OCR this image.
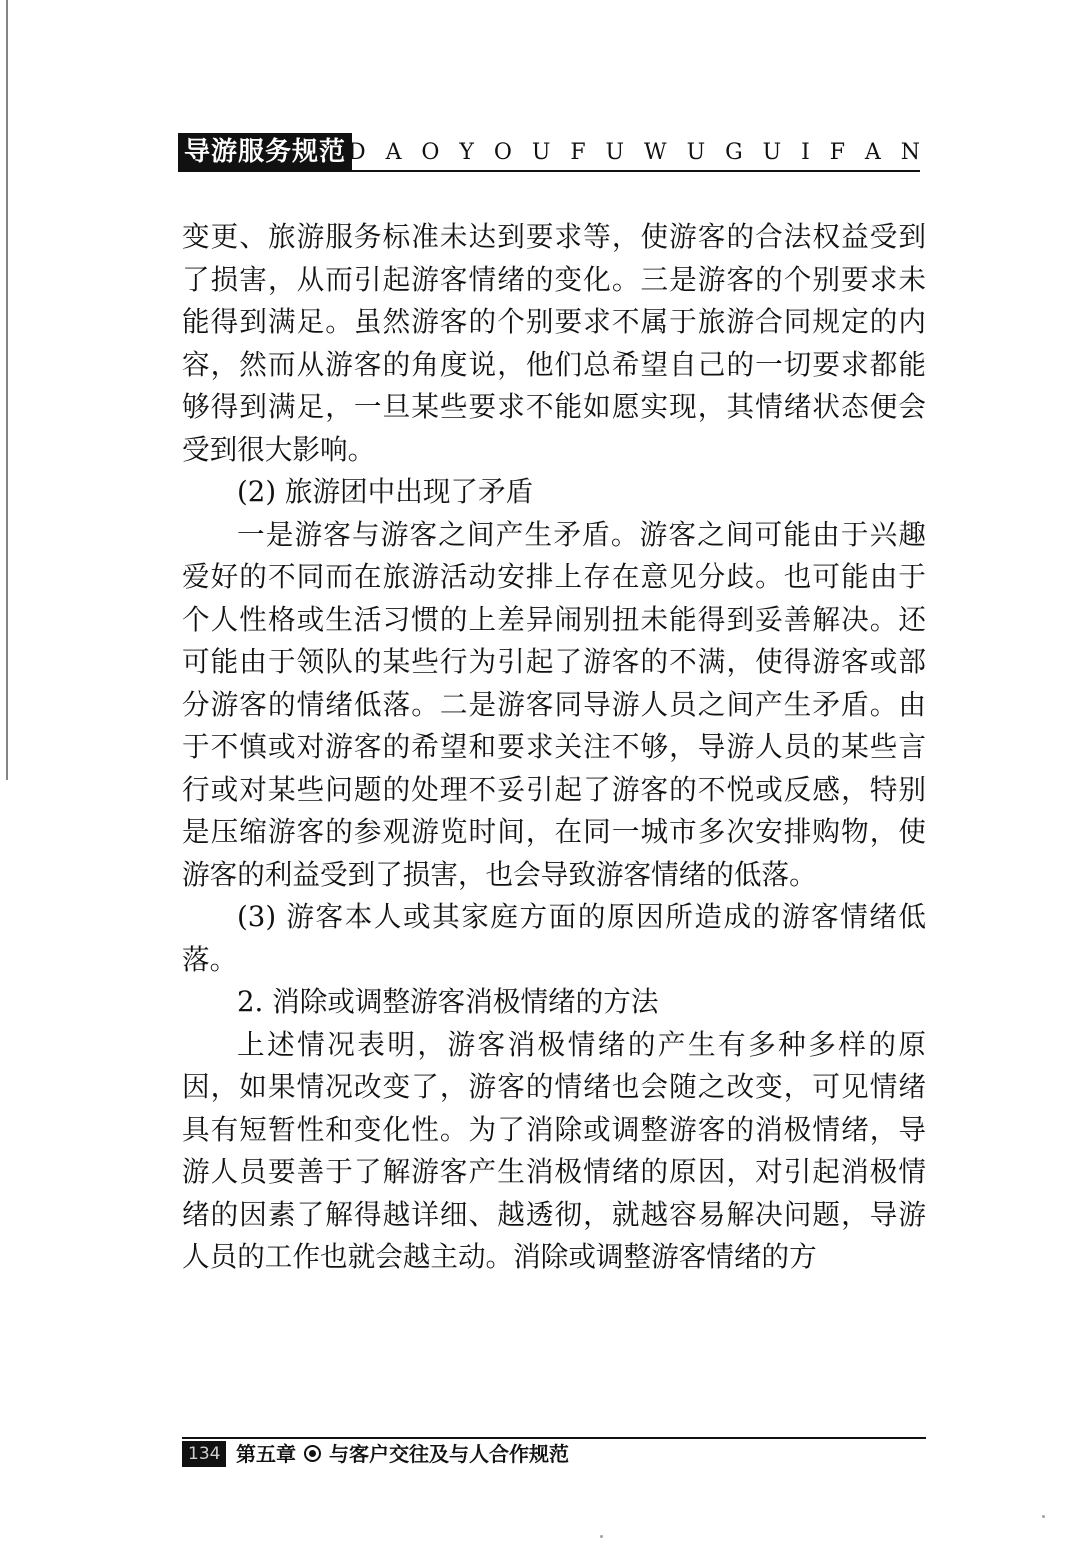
导游服务规范 D A O Y O U F U W U G U I F A N

变更、旅游服务标准未达到要求等，使游客的合法权益受到了损害，从而引起游客情绪的变化。三是游客的个别要求未能得到满足。虽然游客的个别要求不属于旅游合同规定的内容，然而从游客的角度说，他们总希望自己的一切要求都能够得到满足，一旦某些要求不能如愿实现，其情绪状态便会受到很大影响。

(2) 旅游团中出现了矛盾

一是游客与游客之间产生矛盾。游客之间可能由于兴趣爱好的不同而在旅游活动安排上存在意见分歧。也可能由于个人性格或生活习惯的上差异闹别扭未能得到妥善解决。还可能由于领队的某些行为引起了游客的不满，使得游客或部分游客的情绪低落。二是游客同导游人员之间产生矛盾。由于不慎或对游客的希望和要求关注不够，导游人员的某些言行或对某些问题的处理不妥引起了游客的不悦或反感，特别是压缩游客的参观游览时间，在同一城市多次安排购物，使游客的利益受到了损害，也会导致游客情绪的低落。

(3) 游客本人或其家庭方面的原因所造成的游客情绪低落。

2. 消除或调整游客消极情绪的方法

上述情况表明，游客消极情绪的产生有多种多样的原因，如果情况改变了，游客的情绪也会随之改变，可见情绪具有短暂性和变化性。为了消除或调整游客的消极情绪，导游人员要善于了解游客产生消极情绪的原因，对引起消极情绪的因素了解得越详细、越透彻，就越容易解决问题，导游人员的工作也就会越主动。消除或调整游客情绪的方

134 第五章 与客户交往及与人合作规范
